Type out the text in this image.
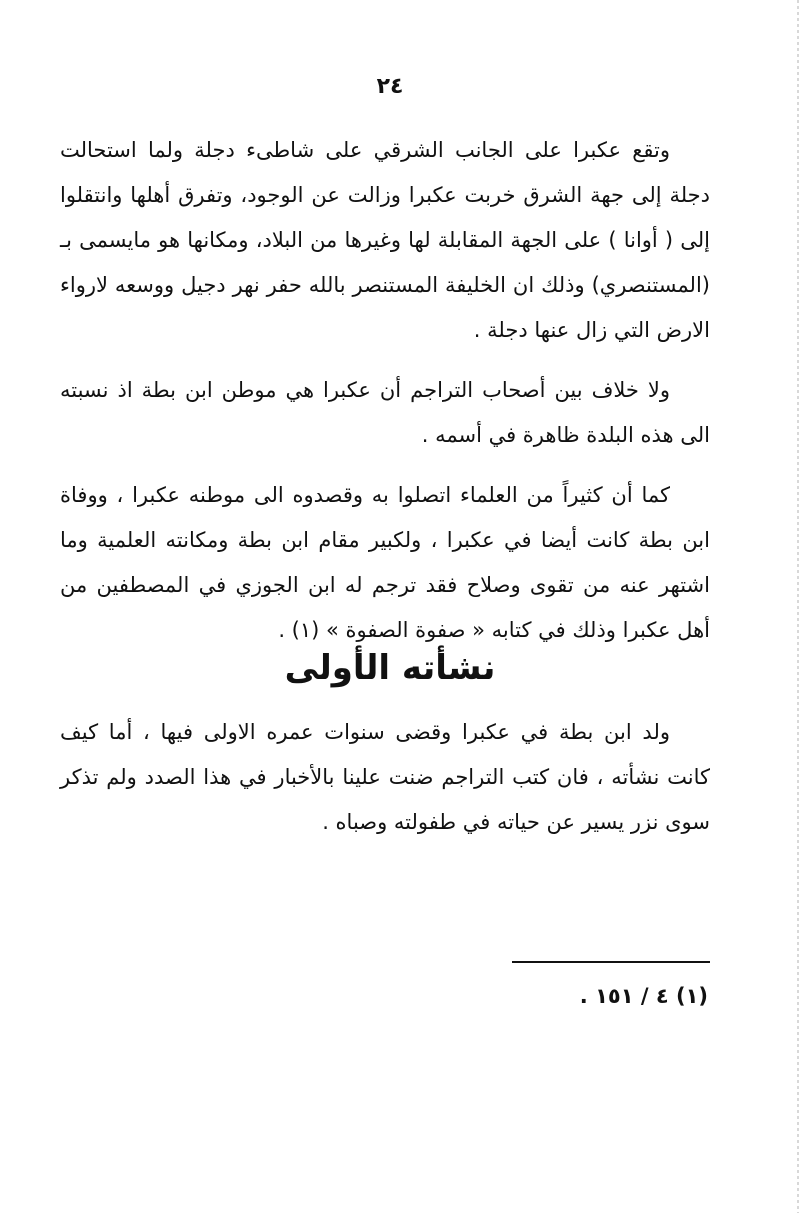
٢٤

وتقع عكبرا على الجانب الشرقي على شاطىء دجلة ولما استحالت دجلة إلى جهة الشرق خربت عكبرا وزالت عن الوجود، وتفرق أهلها وانتقلوا إلى ( أوانا ) على الجهة المقابلة لها وغيرها من البلاد، ومكانها هو مايسمى بـ (المستنصري) وذلك ان الخليفة المستنصر بالله حفر نهر دجيل ووسعه لارواء الارض التي زال عنها دجلة .

ولا خلاف بين أصحاب التراجم أن عكبرا هي موطن ابن بطة اذ نسبته الى هذه البلدة ظاهرة في أسمه .

كما أن كثيراً من العلماء اتصلوا به وقصدوه الى موطنه عكبرا ، ووفاة ابن بطة كانت أيضا في عكبرا ، ولكبير مقام ابن بطة ومكانته العلمية وما اشتهر عنه من تقوى وصلاح فقد ترجم له ابن الجوزي في المصطفين من أهل عكبرا وذلك في كتابه « صفوة الصفوة » (١) .

نشأته الأولى

ولد ابن بطة في عكبرا وقضى سنوات عمره الاولى فيها ، أما كيف كانت نشأته ، فان كتب التراجم ضنت علينا بالأخبار في هذا الصدد ولم تذكر سوى نزر يسير عن حياته في طفولته وصباه .

(١) ٤ / ١٥١ .
